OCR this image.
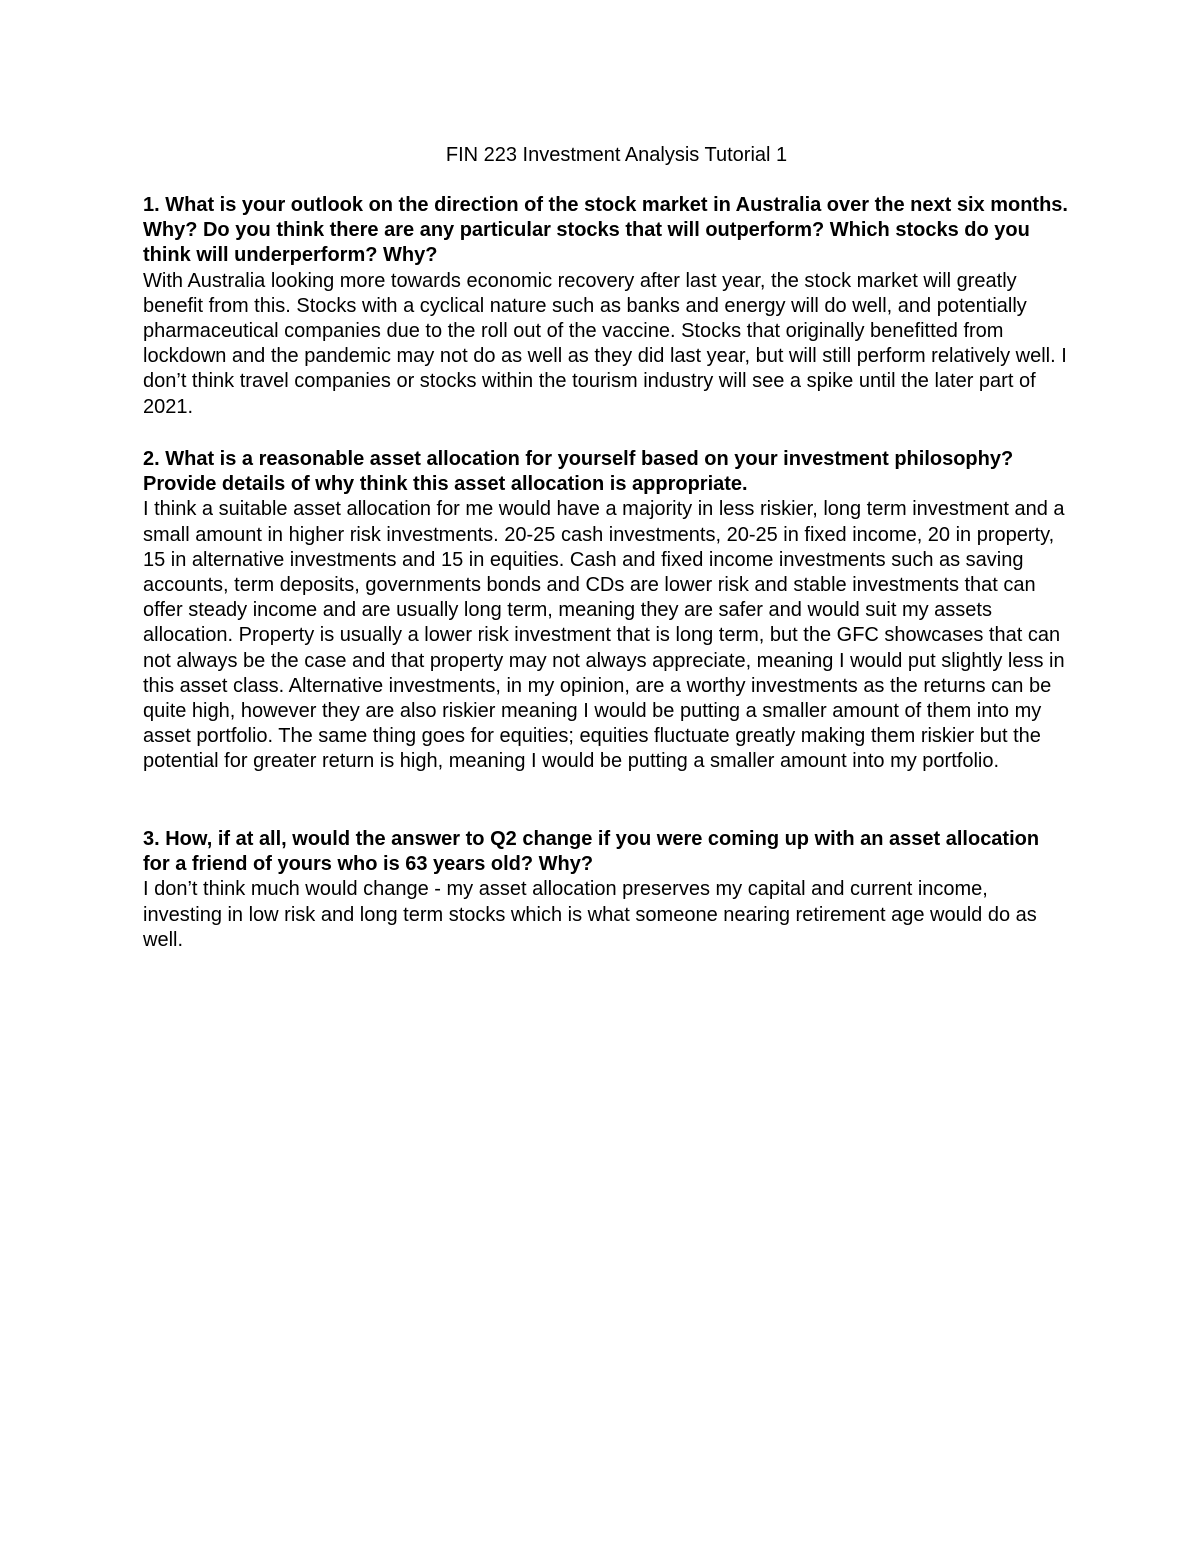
FIN 223 Investment Analysis Tutorial 1

1. What is your outlook on the direction of the stock market in Australia over the next six months. Why? Do you think there are any particular stocks that will outperform? Which stocks do you think will underperform? Why?

With Australia looking more towards economic recovery after last year, the stock market will greatly benefit from this. Stocks with a cyclical nature such as banks and energy will do well, and potentially pharmaceutical companies due to the roll out of the vaccine. Stocks that originally benefitted from lockdown and the pandemic may not do as well as they did last year, but will still perform relatively well. I don’t think travel companies or stocks within the tourism industry will see a spike until the later part of 2021.

2. What is a reasonable asset allocation for yourself based on your investment philosophy? Provide details of why think this asset allocation is appropriate.

I think a suitable asset allocation for me would have a majority in less riskier, long term investment and a small amount in higher risk investments. 20-25 cash investments, 20-25 in fixed income, 20 in property, 15 in alternative investments and 15 in equities. Cash and fixed income investments such as saving accounts, term deposits, governments bonds and CDs are lower risk and stable investments that can offer steady income and are usually long term, meaning they are safer and would suit my assets allocation. Property is usually a lower risk investment that is long term, but the GFC showcases that can not always be the case and that property may not always appreciate, meaning I would put slightly less in this asset class. Alternative investments, in my opinion, are a worthy investments as the returns can be quite high, however they are also riskier meaning I would be putting a smaller amount of them into my asset portfolio. The same thing goes for equities; equities fluctuate greatly making them riskier but the potential for greater return is high, meaning I would be putting a smaller amount into my portfolio.

3. How, if at all, would the answer to Q2 change if you were coming up with an asset allocation for a friend of yours who is 63 years old? Why?

I don’t think much would change - my asset allocation preserves my capital and current income, investing in low risk and long term stocks which is what someone nearing retirement age would do as well.
